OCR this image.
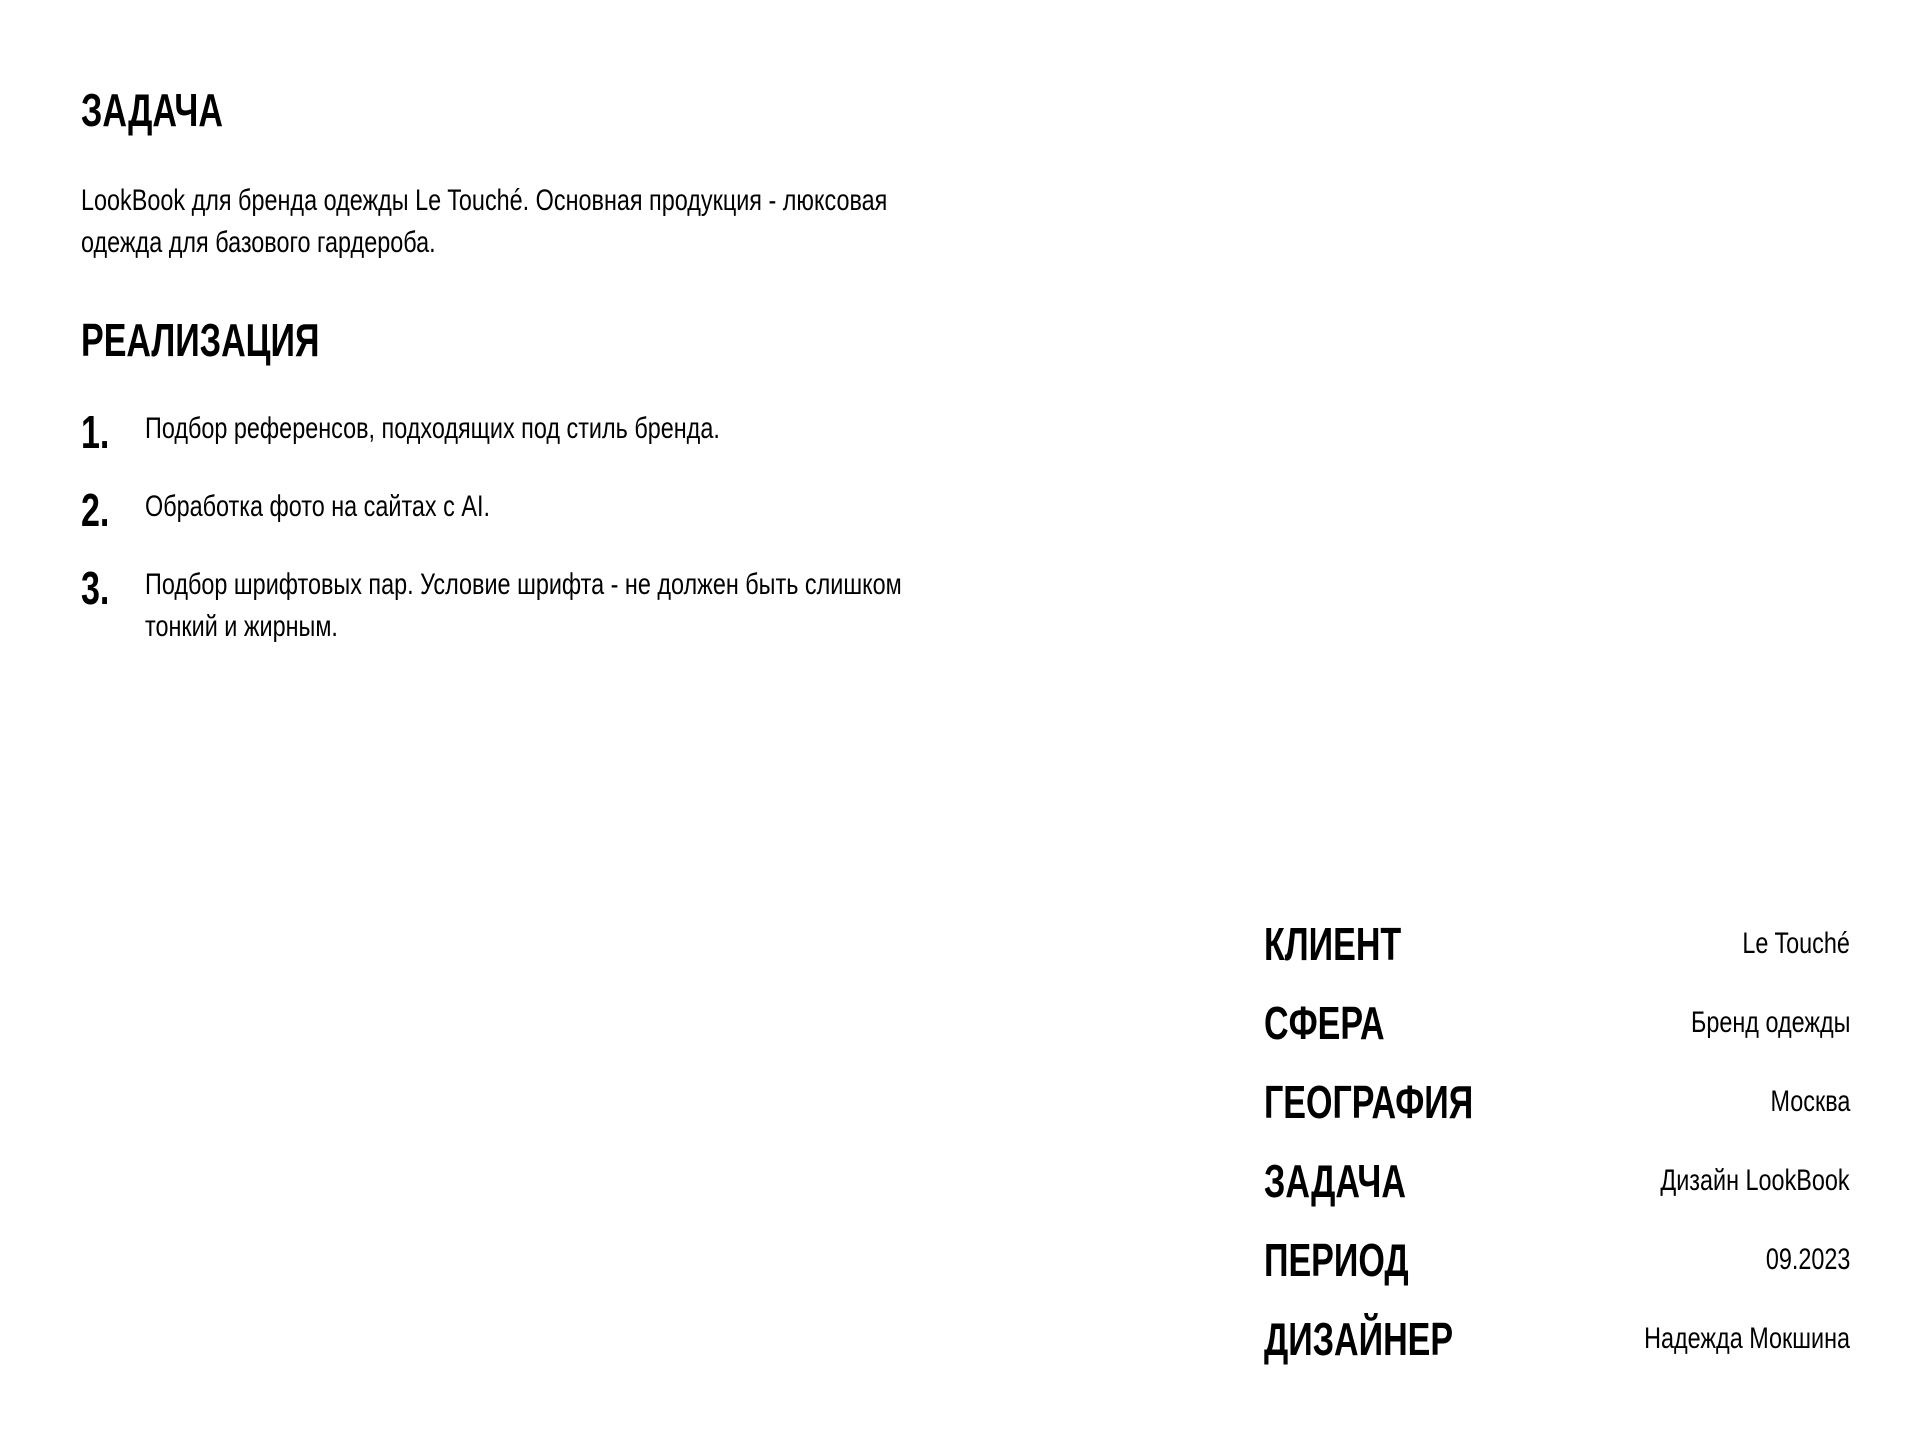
ЗАДАЧА
LookBook для бренда одежды Le Touché. Основная продукция - люксовая
одежда для базового гардероба.
РЕАЛИЗАЦИЯ
1. Подбор референсов, подходящих под стиль бренда.
2. Обработка фото на сайтах с AI.
3. Подбор шрифтовых пар. Условие шрифта - не должен быть слишком
тонкий и жирным.
КЛИЕНТ	Le Touché
СФЕРА	Бренд одежды
ГЕОГРАФИЯ	Москва
ЗАДАЧА	Дизайн LookBook
ПЕРИОД	09.2023
ДИЗАЙНЕР	Надежда Мокшина
